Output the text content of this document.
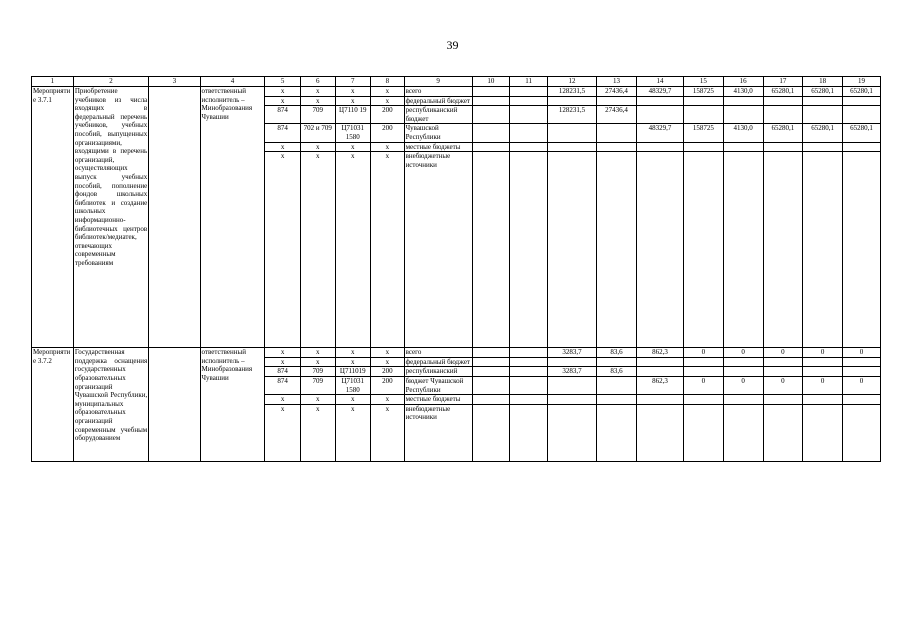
39
1	2	3	4	5	6	7	8	9	10	11	12	13	14	15	16	17	18	19
Мероприятие 3.7.1	Приобретение учебников из числа входящих в федеральный перечень учебников, учебных пособий, выпущенных организациями, входящими в перечень организаций, осуществляющих выпуск учебных пособий, пополнение фондов школьных библиотек и создание школьных информационно-библиотечных центров библиотек/медиатек, отвечающих современным требованиям		ответственный исполнитель – Минобразования Чувашии	x	x	x	x	всего			128231,5	27436,4	48329,7	158725	4130,0	65280,1	65280,1	65280,1
				x	x	x	x	федеральный бюджет										
				874	709	Ц7110 19	200	республиканский бюджет			128231,5	27436,4						
				874	702 и 709	Ц71031 1580	200	Чувашской Республики					48329,7	158725	4130,0	65280,1	65280,1	65280,1
				x	x	x	x	местные бюджеты										
				x	x	x	x	внебюджетные источники										
Мероприятие 3.7.2	Государственная поддержка оснащения государственных образовательных организаций Чувашской Республики, муниципальных образовательных организаций современным учебным оборудованием		ответственный исполнитель – Минобразования Чувашии	x	x	x	x	всего			3283,7	83,6	862,3	0	0	0	0	0
				x	x	x	x	федеральный бюджет										
				874	709	Ц711019	200	республиканский			3283,7	83,6						
				874	709	Ц71031 1580	200	бюджет Чувашской Республики					862,3	0	0	0	0	0
				x	x	x	x	местные бюджеты										
				x	x	x	x	внебюджетные источники										
